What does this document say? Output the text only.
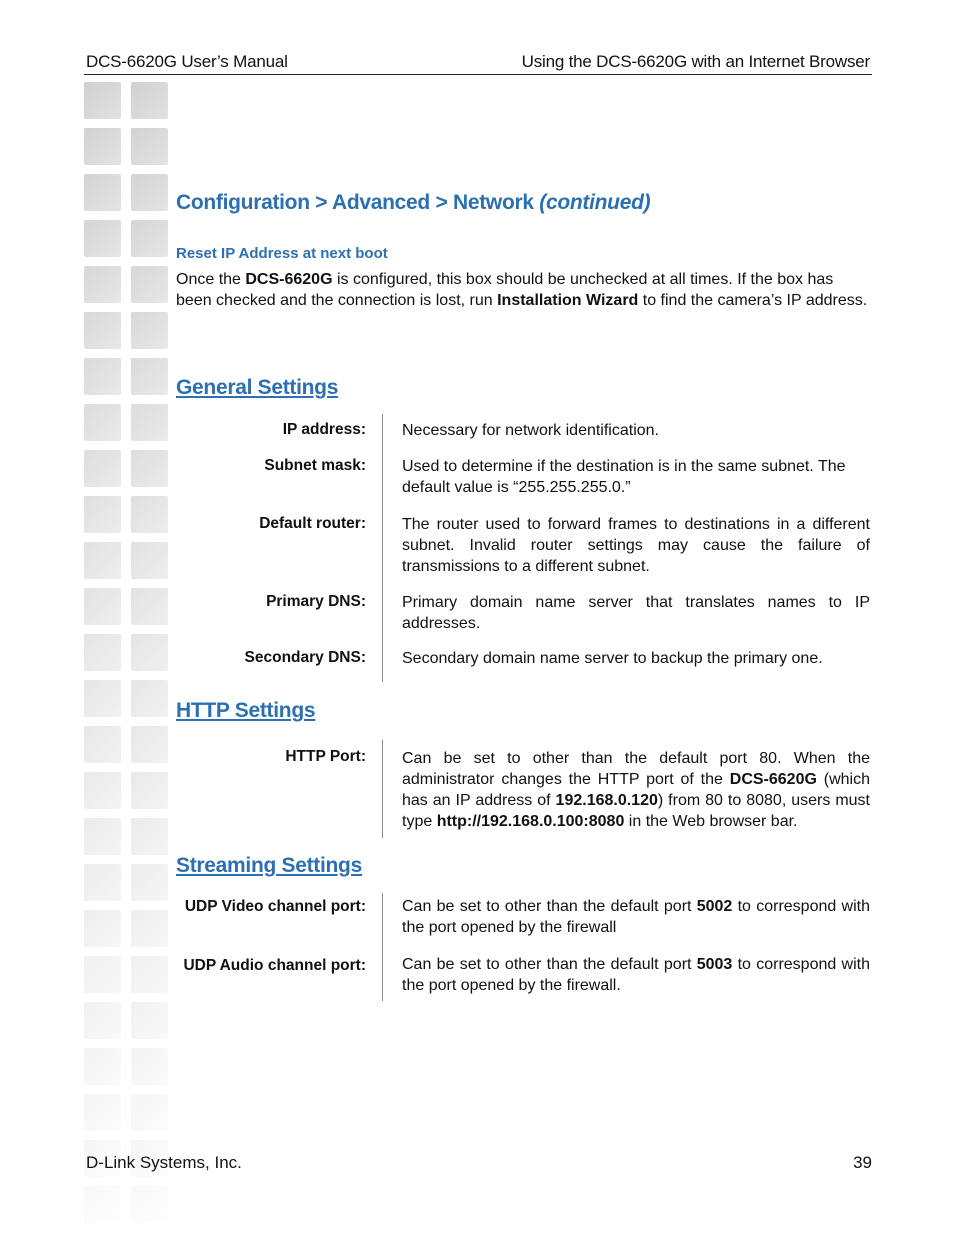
DCS-6620G User’s Manual	Using the DCS-6620G with an Internet Browser
Configuration > Advanced > Network (continued)
Reset IP Address at next boot
Once the DCS-6620G is configured, this box should be unchecked at all times. If the box has been checked and the connection is lost, run Installation Wizard to find the camera’s IP address.
General Settings
IP address: Necessary for network identification.
Subnet mask: Used to determine if the destination is in the same subnet. The default value is “255.255.255.0.”
Default router: The router used to forward frames to destinations in a different subnet. Invalid router settings may cause the failure of transmissions to a different subnet.
Primary DNS: Primary domain name server that translates names to IP addresses.
Secondary DNS: Secondary domain name server to backup the primary one.
HTTP Settings
HTTP Port: Can be set to other than the default port 80. When the administrator changes the HTTP port of the DCS-6620G (which has an IP address of 192.168.0.120) from 80 to 8080, users must type http://192.168.0.100:8080 in the Web browser bar.
Streaming Settings
UDP Video channel port: Can be set to other than the default port 5002 to correspond with the port opened by the firewall
UDP Audio channel port: Can be set to other than the default port 5003 to correspond with the port opened by the firewall.
D-Link Systems, Inc.	39
